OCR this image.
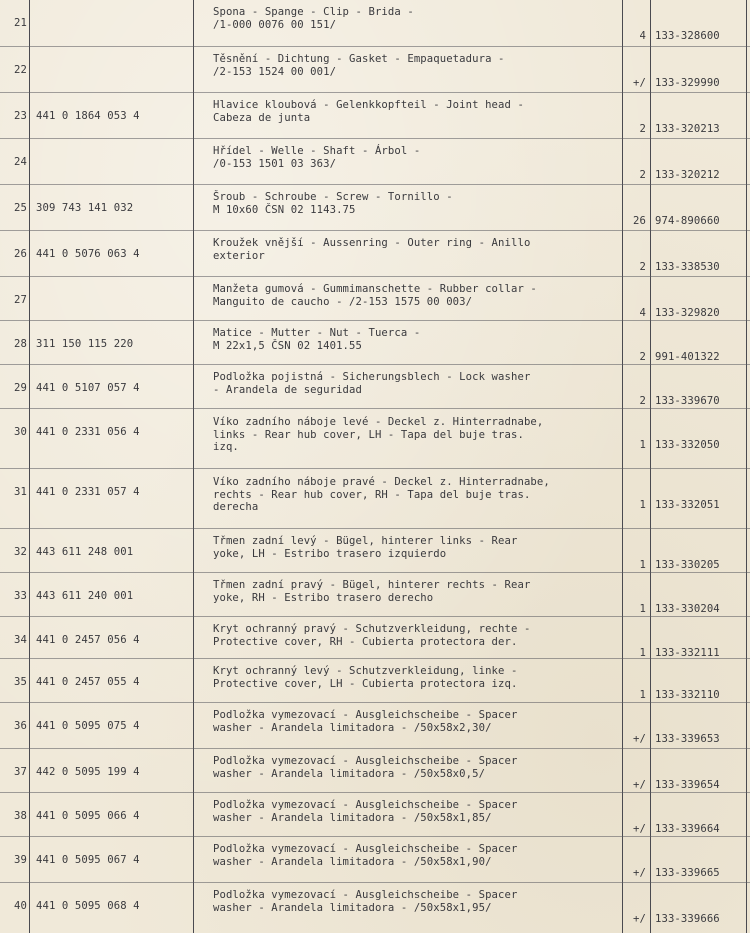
21
Spona - Spange - Clip - Brida -
/1-000 0076 00 151/
4 133-328600
22
Těsnění - Dichtung - Gasket - Empaquetadura -
/2-153 1524 00 001/
+/ 133-329990
23 441 0 1864 053 4
Hlavice kloubová - Gelenkkopfteil - Joint head -
Cabeza de junta
2 133-320213
24
Hřídel - Welle - Shaft - Árbol -
/0-153 1501 03 363/
2 133-320212
25 309 743 141 032
Šroub - Schroube - Screw - Tornillo -
M 10x60 ČSN 02 1143.75
26 974-890660
26 441 0 5076 063 4
Kroužek vnější - Aussenring - Outer ring - Anillo
exterior
2 133-338530
27
Manžeta gumová - Gummimanschette - Rubber collar -
Manguito de caucho - /2-153 1575 00 003/
4 133-329820
28 311 150 115 220
Matice - Mutter - Nut - Tuerca -
M 22x1,5 ČSN 02 1401.55
2 991-401322
29 441 0 5107 057 4
Podložka pojistná - Sicherungsblech - Lock washer
- Arandela de seguridad
2 133-339670
30 441 0 2331 056 4
Víko zadního náboje levé - Deckel z. Hinterradnabe,
links - Rear hub cover, LH - Tapa del buje tras.
izq.	1 133-332050
31 441 0 2331 057 4
Víko zadního náboje pravé - Deckel z. Hinterradnabe,
rechts - Rear hub cover, RH - Tapa del buje tras.
derecha	1 133-332051
32 443 611 248 001
Třmen zadní levý - Bügel, hinterer links - Rear
yoke, LH - Estribo trasero izquierdo
1 133-330205
33 443 611 240 001
Třmen zadní pravý - Bügel, hinterer rechts - Rear
yoke, RH - Estribo trasero derecho
1 133-330204
34 441 0 2457 056 4
Kryt ochranný pravý - Schutzverkleidung, rechte -
Protective cover, RH - Cubierta protectora der.
1 133-332111
35 441 0 2457 055 4
Kryt ochranný levý - Schutzverkleidung, linke -
Protective cover, LH - Cubierta protectora izq.
1 133-332110
36 441 0 5095 075 4
Podložka vymezovací - Ausgleichscheibe - Spacer
washer - Arandela limitadora - /50x58x2,30/
+/ 133-339653
37 442 0 5095 199 4
Podložka vymezovací - Ausgleichscheibe - Spacer
washer - Arandela limitadora - /50x58x0,5/
+/ 133-339654
38 441 0 5095 066 4
Podložka vymezovací - Ausgleichscheibe - Spacer
washer - Arandela limitadora - /50x58x1,85/
+/ 133-339664
39 441 0 5095 067 4
Podložka vymezovací - Ausgleichscheibe - Spacer
washer - Arandela limitadora - /50x58x1,90/
+/ 133-339665
40 441 0 5095 068 4
Podložka vymezovací - Ausgleichscheibe - Spacer
washer - Arandela limitadora - /50x58x1,95/
+/ 133-339666
